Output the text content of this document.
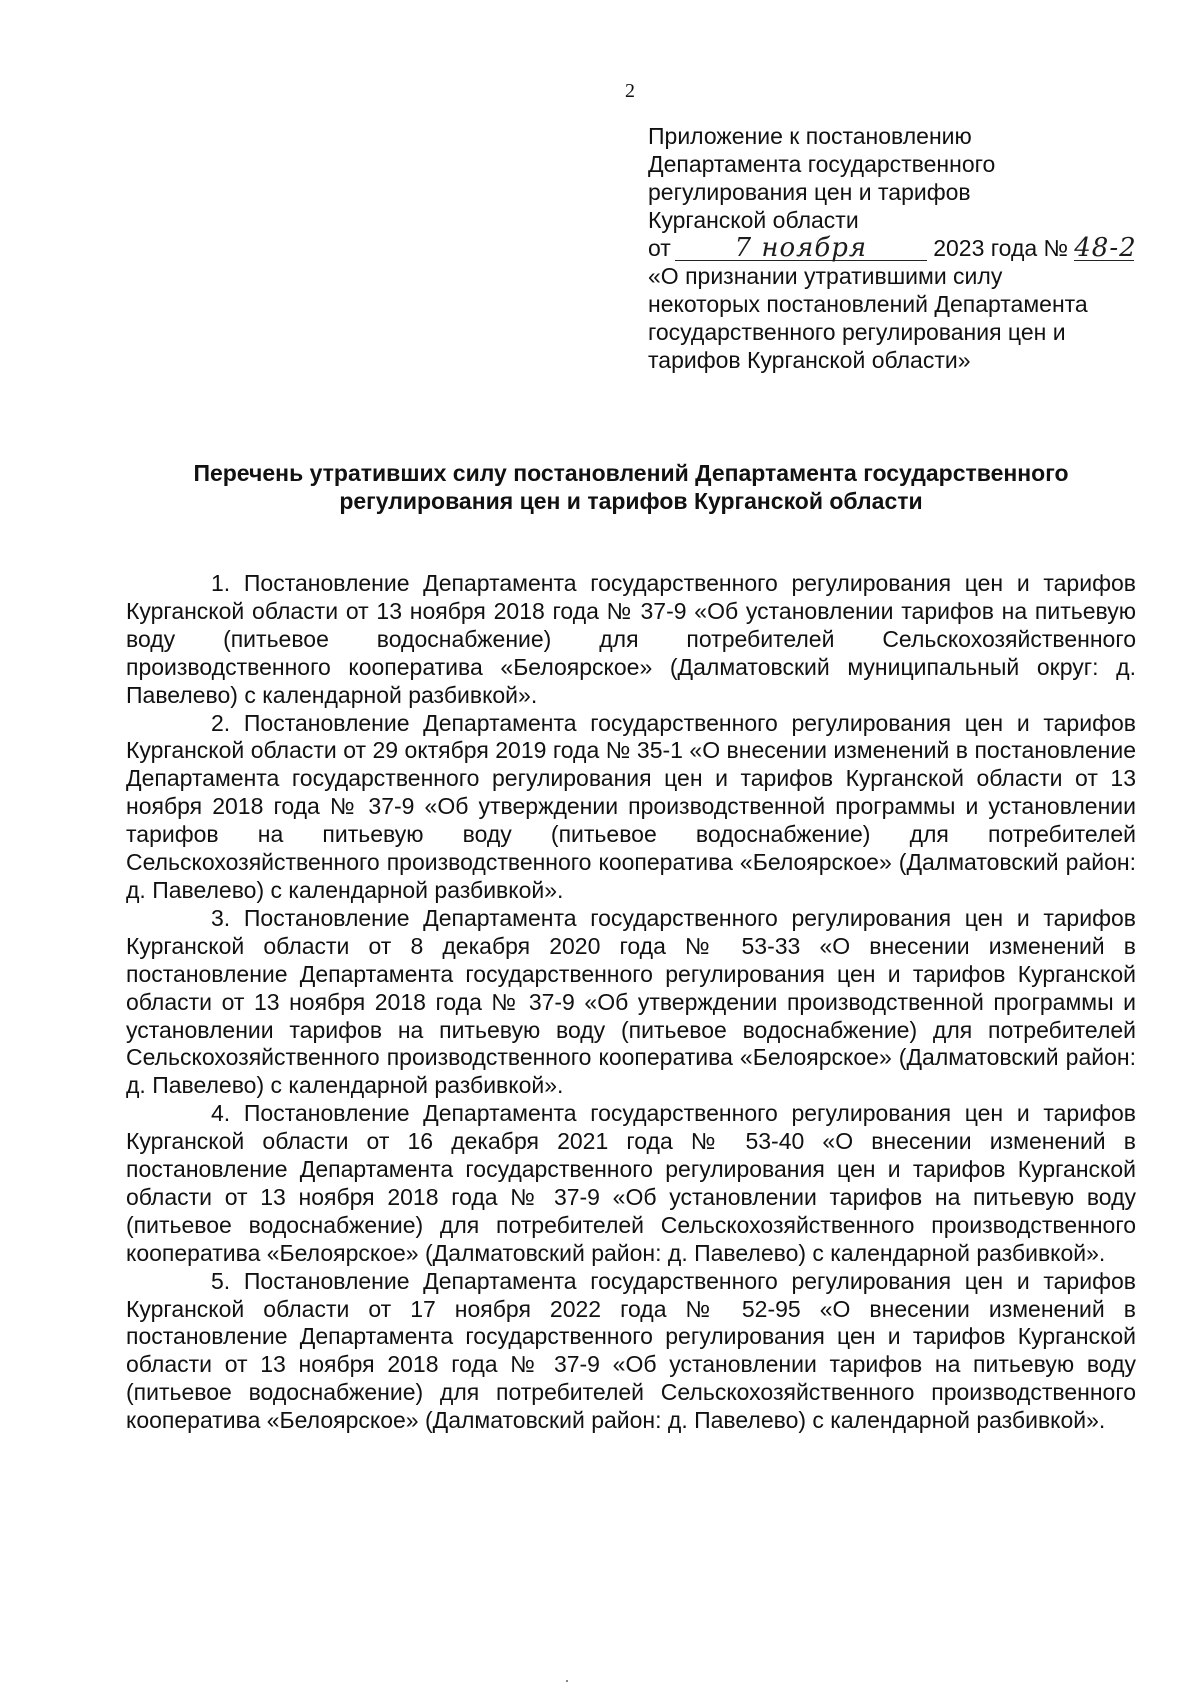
2
Приложение к постановлению
Департамента государственного
регулирования цен и тарифов
Курганской области
от 7 ноября	2023 года № 48-2
«О признании утратившими силу
некоторых постановлений Департамента
государственного регулирования цен и
тарифов Курганской области»
Перечень утративших силу постановлений Департамента государственного
регулирования цен и тарифов Курганской области

1. Постановление Департамента государственного регулирования цен и тарифов Курганской области от 13 ноября 2018 года № 37-9 «Об установлении тарифов на питьевую воду (питьевое водоснабжение) для потребителей Сельскохозяйственного производственного кооператива «Белоярское» (Далматовский муниципальный округ: д. Павелево) с календарной разбивкой».

2. Постановление Департамента государственного регулирования цен и тарифов Курганской области от 29 октября 2019 года № 35-1 «О внесении изменений в постановление Департамента государственного регулирования цен и тарифов Курганской области от 13 ноября 2018 года № 37-9 «Об утверждении производственной программы и установлении тарифов на питьевую воду (питьевое водоснабжение) для потребителей Сельскохозяйственного производственного кооператива «Белоярское» (Далматовский район: д. Павелево) с календарной разбивкой».

3. Постановление Департамента государственного регулирования цен и тарифов Курганской области от 8 декабря 2020 года № 53-33 «О внесении изменений в постановление Департамента государственного регулирования цен и тарифов Курганской области от 13 ноября 2018 года № 37-9 «Об утверждении производственной программы и установлении тарифов на питьевую воду (питьевое водоснабжение) для потребителей Сельскохозяйственного производственного кооператива «Белоярское» (Далматовский район: д. Павелево) с календарной разбивкой».

4. Постановление Департамента государственного регулирования цен и тарифов Курганской области от 16 декабря 2021 года № 53-40 «О внесении изменений в постановление Департамента государственного регулирования цен и тарифов Курганской области от 13 ноября 2018 года № 37-9 «Об установлении тарифов на питьевую воду (питьевое водоснабжение) для потребителей Сельскохозяйственного производственного кооператива «Белоярское» (Далматовский район: д. Павелево) с календарной разбивкой».

5. Постановление Департамента государственного регулирования цен и тарифов Курганской области от 17 ноября 2022 года № 52-95 «О внесении изменений в постановление Департамента государственного регулирования цен и тарифов Курганской области от 13 ноября 2018 года № 37-9 «Об установлении тарифов на питьевую воду (питьевое водоснабжение) для потребителей Сельскохозяйственного производственного кооператива «Белоярское» (Далматовский район: д. Павелево) с календарной разбивкой».
